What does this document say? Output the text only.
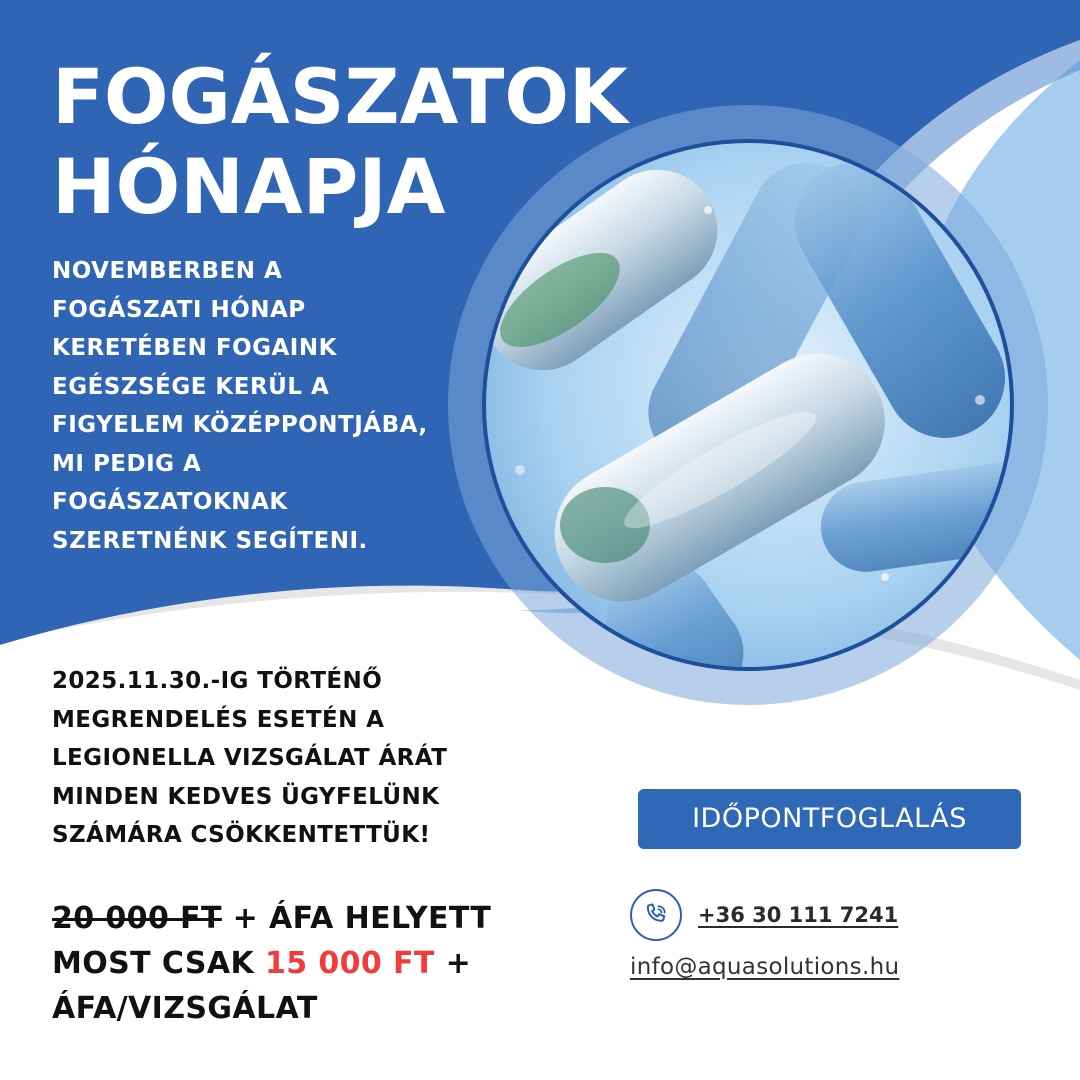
FOGÁSZATOK
HÓNAPJA

NOVEMBERBEN A
FOGÁSZATI HÓNAP
KERETÉBEN FOGAINK
EGÉSZSÉGE KERÜL A
FIGYELEM KÖZÉPPONTJÁBA,
MI PEDIG A
FOGÁSZATOKNAK
SZERETNÉNK SEGÍTENI.

2025.11.30.-IG TÖRTÉNŐ
MEGRENDELÉS ESETÉN A
LEGIONELLA VIZSGÁLAT ÁRÁT
MINDEN KEDVES ÜGYFELÜNK
SZÁMÁRA CSÖKKENTETTÜK!

20 000 FT + ÁFA HELYETT
MOST CSAK 15 000 FT +
ÁFA/VIZSGÁLAT

IDŐPONTFOGLALÁS
+36 30 111 7241
info@aquasolutions.hu
